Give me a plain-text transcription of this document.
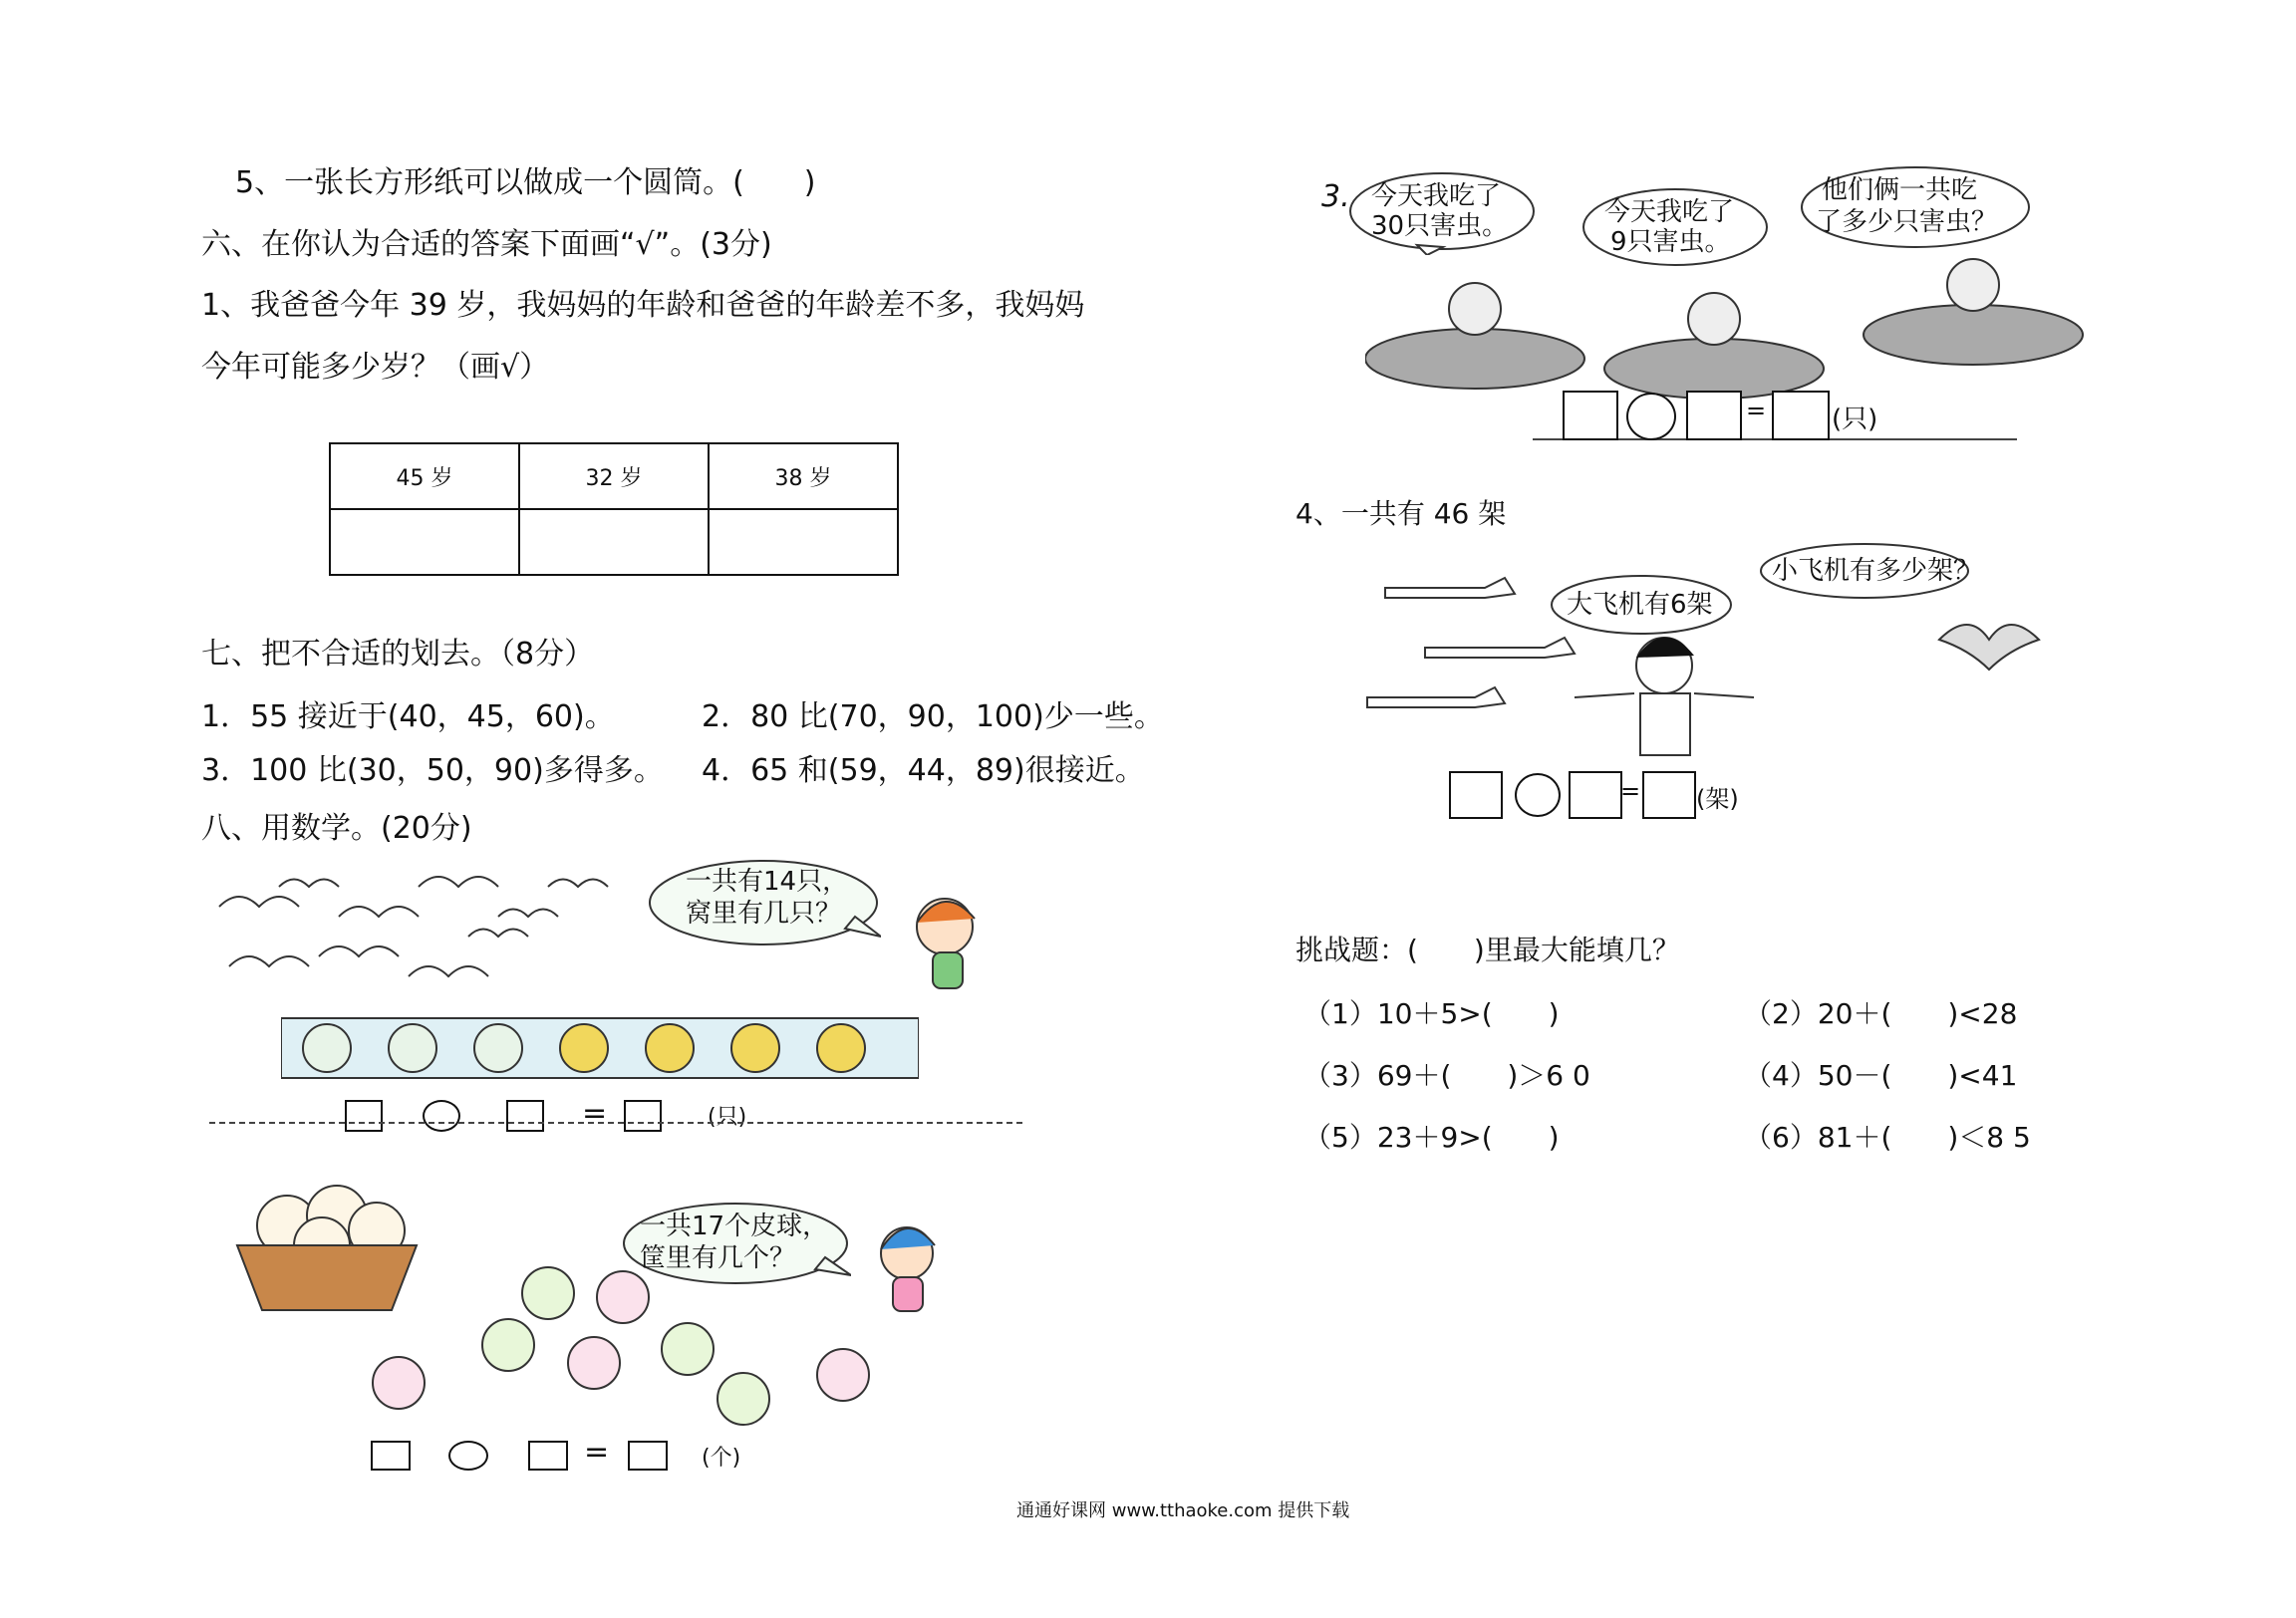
5、一张长方形纸可以做成一个圆筒。(　　)
六、在你认为合适的答案下面画“√”。(3分)
1、我爸爸今年 39 岁，我妈妈的年龄和爸爸的年龄差不多，我妈妈
今年可能多少岁？（画√）
45 岁	32 岁	38 岁

七、把不合适的划去。（8分）
1．55 接近于(40，45，60)。	2．80 比(70，90，100)少一些。
3．100 比(30，50，90)多得多。 4．65 和(59，44，89)很接近。
八、用数学。(20分)
一共有14只，
窝里有几只？
=	(只)
一共17个皮球，
筐里有几个？
=	(个)
3. 今天我吃了
30只害虫。	今天我吃了
9只害虫。
他们俩一共吃
了多少只害虫？
=	(只)
4、一共有 46 架
大飞机有6架
小飞机有多少架？
= (架)
挑战题：(　　)里最大能填几？
（1）10＋5>(　　)	（2）20＋(　　)<28
（3）69＋(　　)＞6 0	（4）50－(　　)<41
（5）23＋9>(　　)	（6）81＋(　　)＜8 5
通通好课网 www.tthaoke.com 提供下载
